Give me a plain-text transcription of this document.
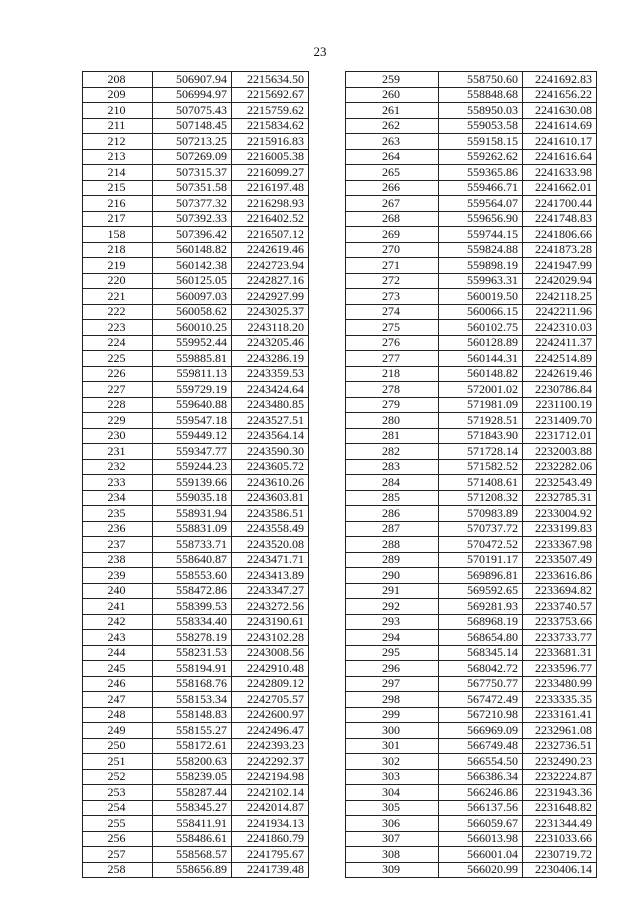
23
208	506907.94	2215634.50
209	506994.97	2215692.67
210	507075.43	2215759.62
211	507148.45	2215834.62
212	507213.25	2215916.83
213	507269.09	2216005.38
214	507315.37	2216099.27
215	507351.58	2216197.48
216	507377.32	2216298.93
217	507392.33	2216402.52
158	507396.42	2216507.12
218	560148.82	2242619.46
219	560142.38	2242723.94
220	560125.05	2242827.16
221	560097.03	2242927.99
222	560058.62	2243025.37
223	560010.25	2243118.20
224	559952.44	2243205.46
225	559885.81	2243286.19
226	559811.13	2243359.53
227	559729.19	2243424.64
228	559640.88	2243480.85
229	559547.18	2243527.51
230	559449.12	2243564.14
231	559347.77	2243590.30
232	559244.23	2243605.72
233	559139.66	2243610.26
234	559035.18	2243603.81
235	558931.94	2243586.51
236	558831.09	2243558.49
237	558733.71	2243520.08
238	558640.87	2243471.71
239	558553.60	2243413.89
240	558472.86	2243347.27
241	558399.53	2243272.56
242	558334.40	2243190.61
243	558278.19	2243102.28
244	558231.53	2243008.56
245	558194.91	2242910.48
246	558168.76	2242809.12
247	558153.34	2242705.57
248	558148.83	2242600.97
249	558155.27	2242496.47
250	558172.61	2242393.23
251	558200.63	2242292.37
252	558239.05	2242194.98
253	558287.44	2242102.14
254	558345.27	2242014.87
255	558411.91	2241934.13
256	558486.61	2241860.79
257	558568.57	2241795.67
258	558656.89	2241739.48
259	558750.60	2241692.83
260	558848.68	2241656.22
261	558950.03	2241630.08
262	559053.58	2241614.69
263	559158.15	2241610.17
264	559262.62	2241616.64
265	559365.86	2241633.98
266	559466.71	2241662.01
267	559564.07	2241700.44
268	559656.90	2241748.83
269	559744.15	2241806.66
270	559824.88	2241873.28
271	559898.19	2241947.99
272	559963.31	2242029.94
273	560019.50	2242118.25
274	560066.15	2242211.96
275	560102.75	2242310.03
276	560128.89	2242411.37
277	560144.31	2242514.89
218	560148.82	2242619.46
278	572001.02	2230786.84
279	571981.09	2231100.19
280	571928.51	2231409.70
281	571843.90	2231712.01
282	571728.14	2232003.88
283	571582.52	2232282.06
284	571408.61	2232543.49
285	571208.32	2232785.31
286	570983.89	2233004.92
287	570737.72	2233199.83
288	570472.52	2233367.98
289	570191.17	2233507.49
290	569896.81	2233616.86
291	569592.65	2233694.82
292	569281.93	2233740.57
293	568968.19	2233753.66
294	568654.80	2233733.77
295	568345.14	2233681.31
296	568042.72	2233596.77
297	567750.77	2233480.99
298	567472.49	2233335.35
299	567210.98	2233161.41
300	566969.09	2232961.08
301	566749.48	2232736.51
302	566554.50	2232490.23
303	566386.34	2232224.87
304	566246.86	2231943.36
305	566137.56	2231648.82
306	566059.67	2231344.49
307	566013.98	2231033.66
308	566001.04	2230719.72
309	566020.99	2230406.14
